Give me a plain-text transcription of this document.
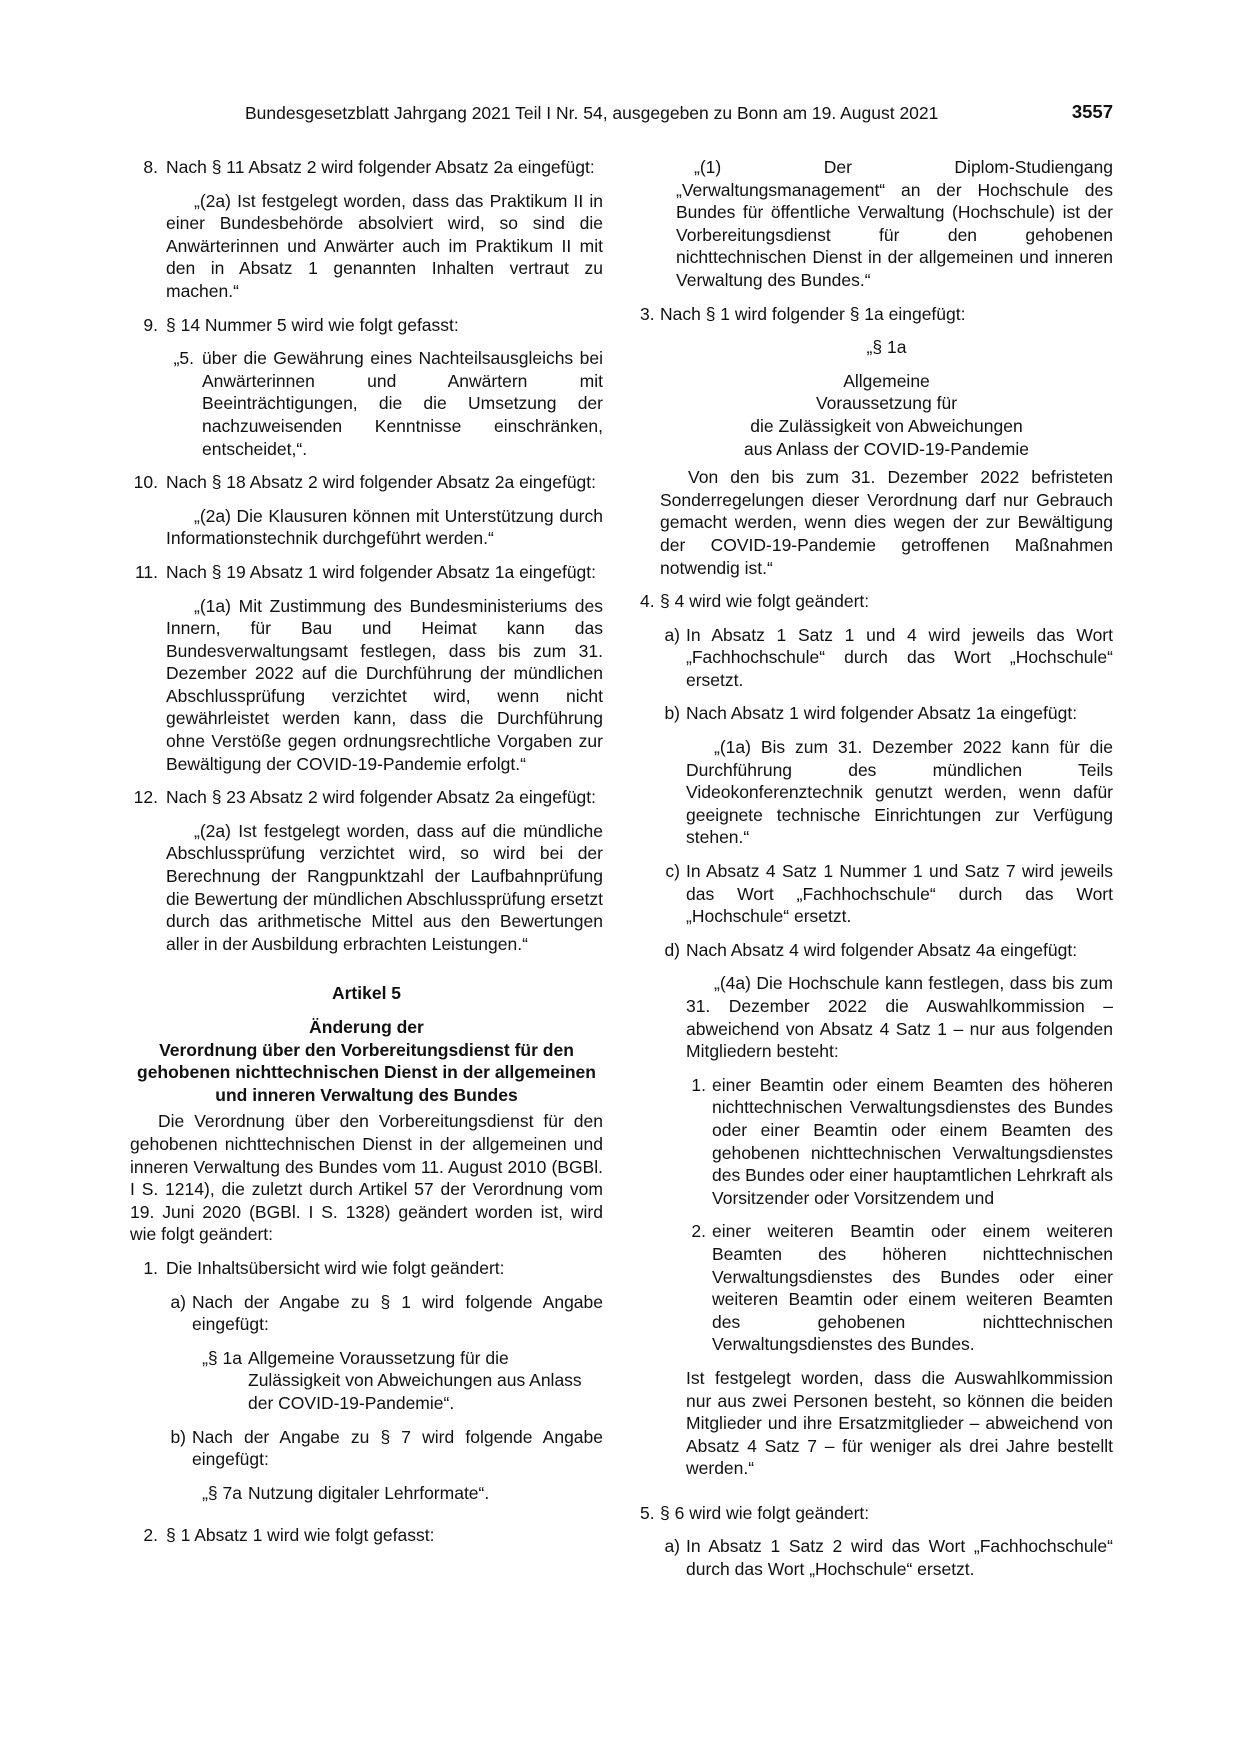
Bundesgesetzblatt Jahrgang 2021 Teil I Nr. 54, ausgegeben zu Bonn am 19. August 2021	3557
8. Nach § 11 Absatz 2 wird folgender Absatz 2a eingefügt:

„(2a) Ist festgelegt worden, dass das Praktikum II in einer Bundesbehörde absolviert wird, so sind die Anwärterinnen und Anwärter auch im Praktikum II mit den in Absatz 1 genannten Inhalten vertraut zu machen.“

9. § 14 Nummer 5 wird wie folgt gefasst:

„5. über die Gewährung eines Nachteilsausgleichs bei Anwärterinnen und Anwärtern mit Beeinträchtigungen, die die Umsetzung der nachzuweisenden Kenntnisse einschränken, entscheidet,“.
10. Nach § 18 Absatz 2 wird folgender Absatz 2a eingefügt:

„(2a) Die Klausuren können mit Unterstützung durch Informationstechnik durchgeführt werden.“

11. Nach § 19 Absatz 1 wird folgender Absatz 1a eingefügt:

„(1a) Mit Zustimmung des Bundesministeriums des Innern, für Bau und Heimat kann das Bundesverwaltungsamt festlegen, dass bis zum 31. Dezember 2022 auf die Durchführung der mündlichen Abschlussprüfung verzichtet wird, wenn nicht gewährleistet werden kann, dass die Durchführung ohne Verstöße gegen ordnungsrechtliche Vorgaben zur Bewältigung der COVID-19-Pandemie erfolgt.“

12. Nach § 23 Absatz 2 wird folgender Absatz 2a eingefügt:

„(2a) Ist festgelegt worden, dass auf die mündliche Abschlussprüfung verzichtet wird, so wird bei der Berechnung der Rangpunktzahl der Laufbahnprüfung die Bewertung der mündlichen Abschlussprüfung ersetzt durch das arithmetische Mittel aus den Bewertungen aller in der Ausbildung erbrachten Leistungen.“

Artikel 5

Änderung der

Verordnung über den Vorbereitungsdienst für den gehobenen nichttechnischen Dienst in der allgemeinen und inneren Verwaltung des Bundes

Die Verordnung über den Vorbereitungsdienst für den gehobenen nichttechnischen Dienst in der allgemeinen und inneren Verwaltung des Bundes vom 11. August 2010 (BGBl. I S. 1214), die zuletzt durch Artikel 57 der Verordnung vom 19. Juni 2020 (BGBl. I S. 1328) geändert worden ist, wird wie folgt geändert:

1. Die Inhaltsübersicht wird wie folgt geändert:

a) Nach der Angabe zu § 1 wird folgende Angabe eingefügt:

„§ 1a Allgemeine Voraussetzung für die Zulässigkeit von Abweichungen aus Anlass der COVID-19-Pandemie“.
b) Nach der Angabe zu § 7 wird folgende Angabe eingefügt:

„§ 7a Nutzung digitaler Lehrformate“.
2. § 1 Absatz 1 wird wie folgt gefasst:

„(1) Der Diplom-Studiengang „Verwaltungsmanagement“ an der Hochschule des Bundes für öffentliche Verwaltung (Hochschule) ist der Vorbereitungsdienst für den gehobenen nichttechnischen Dienst in der allgemeinen und inneren Verwaltung des Bundes.“

3. Nach § 1 wird folgender § 1a eingefügt:

„§ 1a

Allgemeine

Voraussetzung für

die Zulässigkeit von Abweichungen

aus Anlass der COVID-19-Pandemie

Von den bis zum 31. Dezember 2022 befristeten Sonderregelungen dieser Verordnung darf nur Gebrauch gemacht werden, wenn dies wegen der zur Bewältigung der COVID-19-Pandemie getroffenen Maßnahmen notwendig ist.“

4. § 4 wird wie folgt geändert:

a) In Absatz 1 Satz 1 und 4 wird jeweils das Wort „Fachhochschule“ durch das Wort „Hochschule“ ersetzt.

b) Nach Absatz 1 wird folgender Absatz 1a eingefügt:

„(1a) Bis zum 31. Dezember 2022 kann für die Durchführung des mündlichen Teils Videokonferenztechnik genutzt werden, wenn dafür geeignete technische Einrichtungen zur Verfügung stehen.“

c) In Absatz 4 Satz 1 Nummer 1 und Satz 7 wird jeweils das Wort „Fachhochschule“ durch das Wort „Hochschule“ ersetzt.

d) Nach Absatz 4 wird folgender Absatz 4a eingefügt:

„(4a) Die Hochschule kann festlegen, dass bis zum 31. Dezember 2022 die Auswahlkommission – abweichend von Absatz 4 Satz 1 – nur aus folgenden Mitgliedern besteht:

1. einer Beamtin oder einem Beamten des höheren nichttechnischen Verwaltungsdienstes des Bundes oder einer Beamtin oder einem Beamten des gehobenen nichttechnischen Verwaltungsdienstes des Bundes oder einer hauptamtlichen Lehrkraft als Vorsitzender oder Vorsitzendem und
2. einer weiteren Beamtin oder einem weiteren Beamten des höheren nichttechnischen Verwaltungsdienstes des Bundes oder einer weiteren Beamtin oder einem weiteren Beamten des gehobenen nichttechnischen Verwaltungsdienstes des Bundes.

Ist festgelegt worden, dass die Auswahlkommission nur aus zwei Personen besteht, so können die beiden Mitglieder und ihre Ersatzmitglieder – abweichend von Absatz 4 Satz 7 – für weniger als drei Jahre bestellt werden.“

5. § 6 wird wie folgt geändert:

a) In Absatz 1 Satz 2 wird das Wort „Fachhochschule“ durch das Wort „Hochschule“ ersetzt.
